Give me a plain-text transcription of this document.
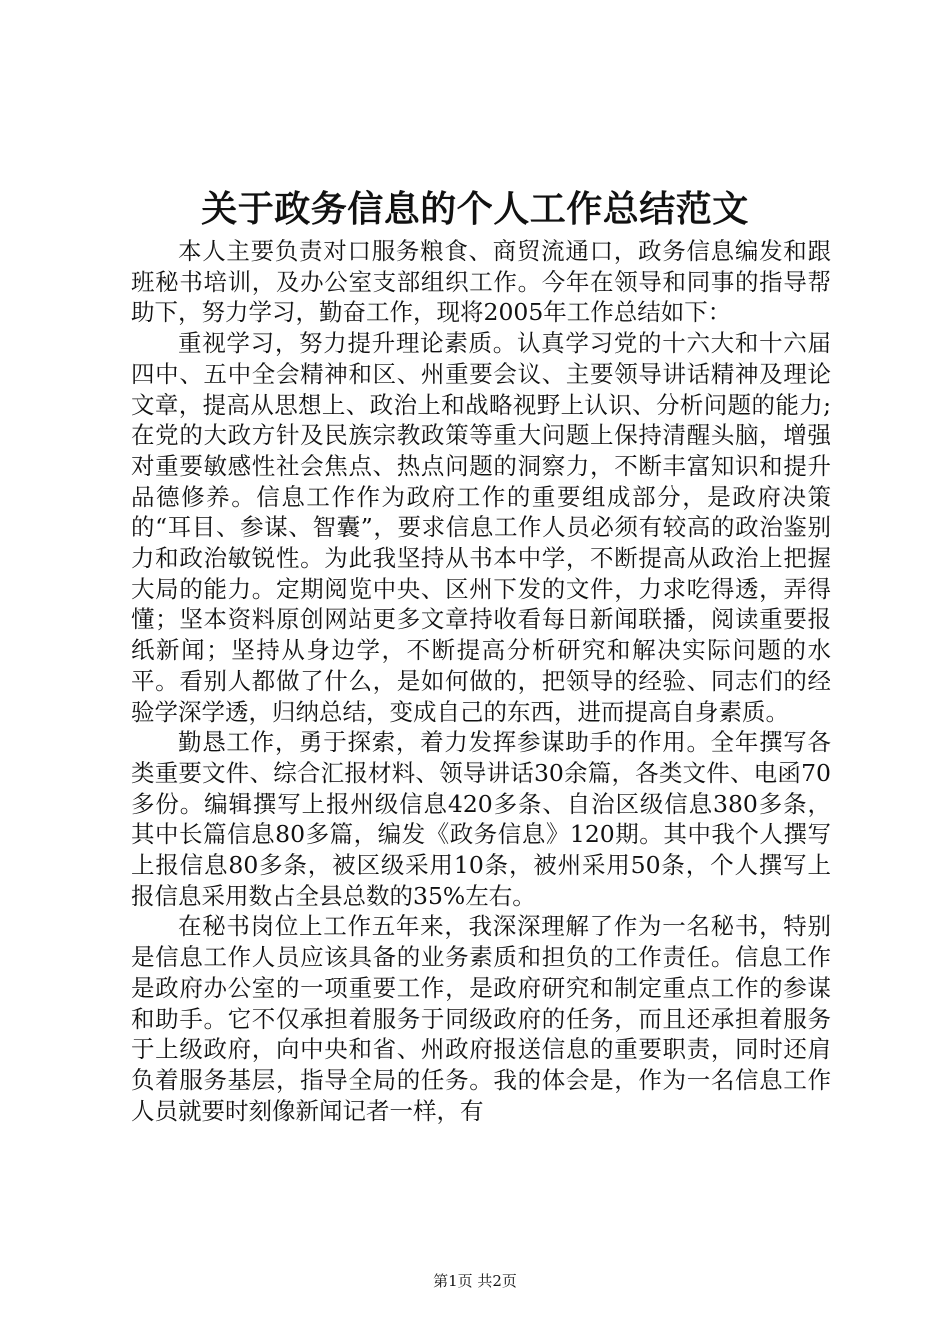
关于政务信息的个人工作总结范文

本人主要负责对口服务粮食、商贸流通口，政务信息编发和跟班秘书培训，及办公室支部组织工作。今年在领导和同事的指导帮助下，努力学习，勤奋工作，现将2005年工作总结如下：

重视学习，努力提升理论素质。认真学习党的十六大和十六届四中、五中全会精神和区、州重要会议、主要领导讲话精神及理论文章，提高从思想上、政治上和战略视野上认识、分析问题的能力;在党的大政方针及民族宗教政策等重大问题上保持清醒头脑，增强对重要敏感性社会焦点、热点问题的洞察力，不断丰富知识和提升品德修养。信息工作作为政府工作的重要组成部分，是政府决策的“耳目、参谋、智囊”，要求信息工作人员必须有较高的政治鉴别力和政治敏锐性。为此我坚持从书本中学，不断提高从政治上把握大局的能力。定期阅览中央、区州下发的文件，力求吃得透，弄得懂；坚本资料原创网站更多文章持收看每日新闻联播，阅读重要报纸新闻；坚持从身边学，不断提高分析研究和解决实际问题的水平。看别人都做了什么，是如何做的，把领导的经验、同志们的经验学深学透，归纳总结，变成自己的东西，进而提高自身素质。

勤恳工作，勇于探索，着力发挥参谋助手的作用。全年撰写各类重要文件、综合汇报材料、领导讲话30余篇，各类文件、电函70多份。编辑撰写上报州级信息420多条、自治区级信息380多条，其中长篇信息80多篇，编发《政务信息》120期。其中我个人撰写上报信息80多条，被区级采用10条，被州采用50条，个人撰写上报信息采用数占全县总数的35%左右。

在秘书岗位上工作五年来，我深深理解了作为一名秘书，特别是信息工作人员应该具备的业务素质和担负的工作责任。信息工作是政府办公室的一项重要工作，是政府研究和制定重点工作的参谋和助手。它不仅承担着服务于同级政府的任务，而且还承担着服务于上级政府，向中央和省、州政府报送信息的重要职责，同时还肩负着服务基层，指导全局的任务。我的体会是，作为一名信息工作人员就要时刻像新闻记者一样，有

第1页 共2页
